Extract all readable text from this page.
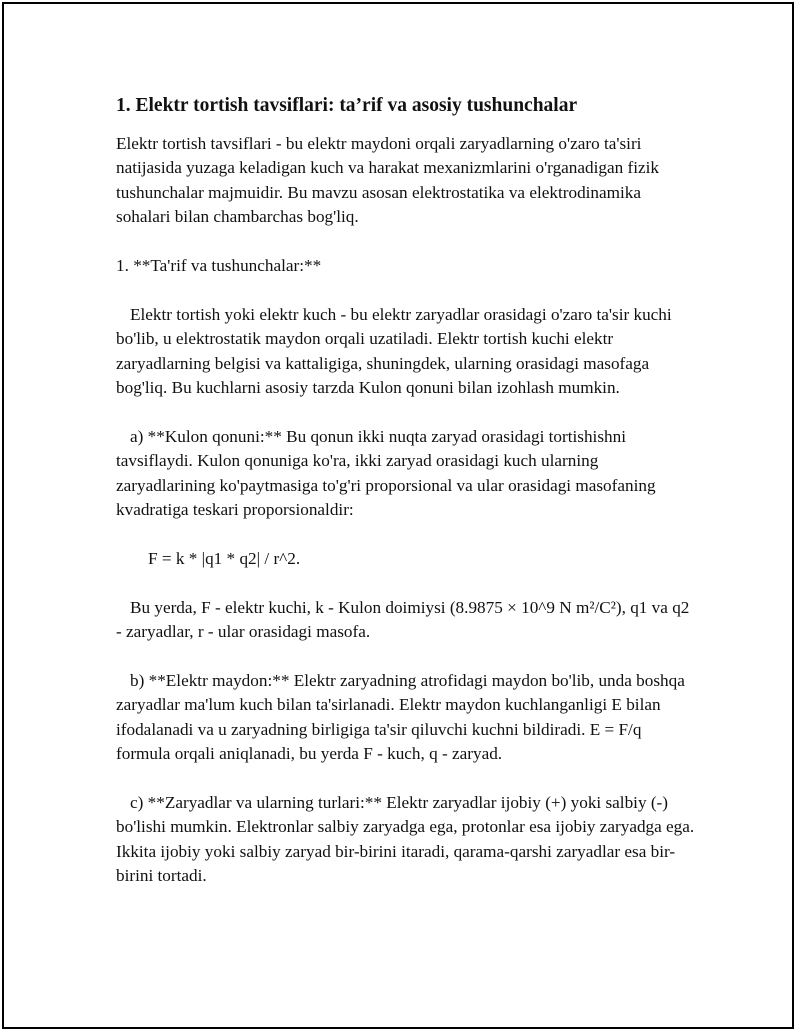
1. Elektr tortish tavsiflari: ta’rif va asosiy tushunchalar
Elektr tortish tavsiflari - bu elektr maydoni orqali zaryadlarning o'zaro ta'siri natijasida yuzaga keladigan kuch va harakat mexanizmlarini o'rganadigan fizik tushunchalar majmuidir. Bu mavzu asosan elektrostatika va elektrodinamika sohalari bilan chambarchas bog'liq.
1. **Ta'rif va tushunchalar:**
Elektr tortish yoki elektr kuch - bu elektr zaryadlar orasidagi o'zaro ta'sir kuchi bo'lib, u elektrostatik maydon orqali uzatiladi. Elektr tortish kuchi elektr zaryadlarning belgisi va kattaligiga, shuningdek, ularning orasidagi masofaga bog'liq. Bu kuchlarni asosiy tarzda Kulon qonuni bilan izohlash mumkin.
a) **Kulon qonuni:** Bu qonun ikki nuqta zaryad orasidagi tortishishni tavsiflaydi. Kulon qonuniga ko'ra, ikki zaryad orasidagi kuch ularning zaryadlarining ko'paytmasiga to'g'ri proporsional va ular orasidagi masofaning kvadratiga teskari proporsionaldir:
F = k * |q1 * q2| / r^2.
Bu yerda, F - elektr kuchi, k - Kulon doimiysi (8.9875 × 10^9 N m²/C²), q1 va q2 - zaryadlar, r - ular orasidagi masofa.
b) **Elektr maydon:** Elektr zaryadning atrofidagi maydon bo'lib, unda boshqa zaryadlar ma'lum kuch bilan ta'sirlanadi. Elektr maydon kuchlanganligi E bilan ifodalanadi va u zaryadning birligiga ta'sir qiluvchi kuchni bildiradi. E = F/q formula orqali aniqlanadi, bu yerda F - kuch, q - zaryad.
c) **Zaryadlar va ularning turlari:** Elektr zaryadlar ijobiy (+) yoki salbiy (-) bo'lishi mumkin. Elektronlar salbiy zaryadga ega, protonlar esa ijobiy zaryadga ega. Ikkita ijobiy yoki salbiy zaryad bir-birini itaradi, qarama-qarshi zaryadlar esa bir-birini tortadi.
